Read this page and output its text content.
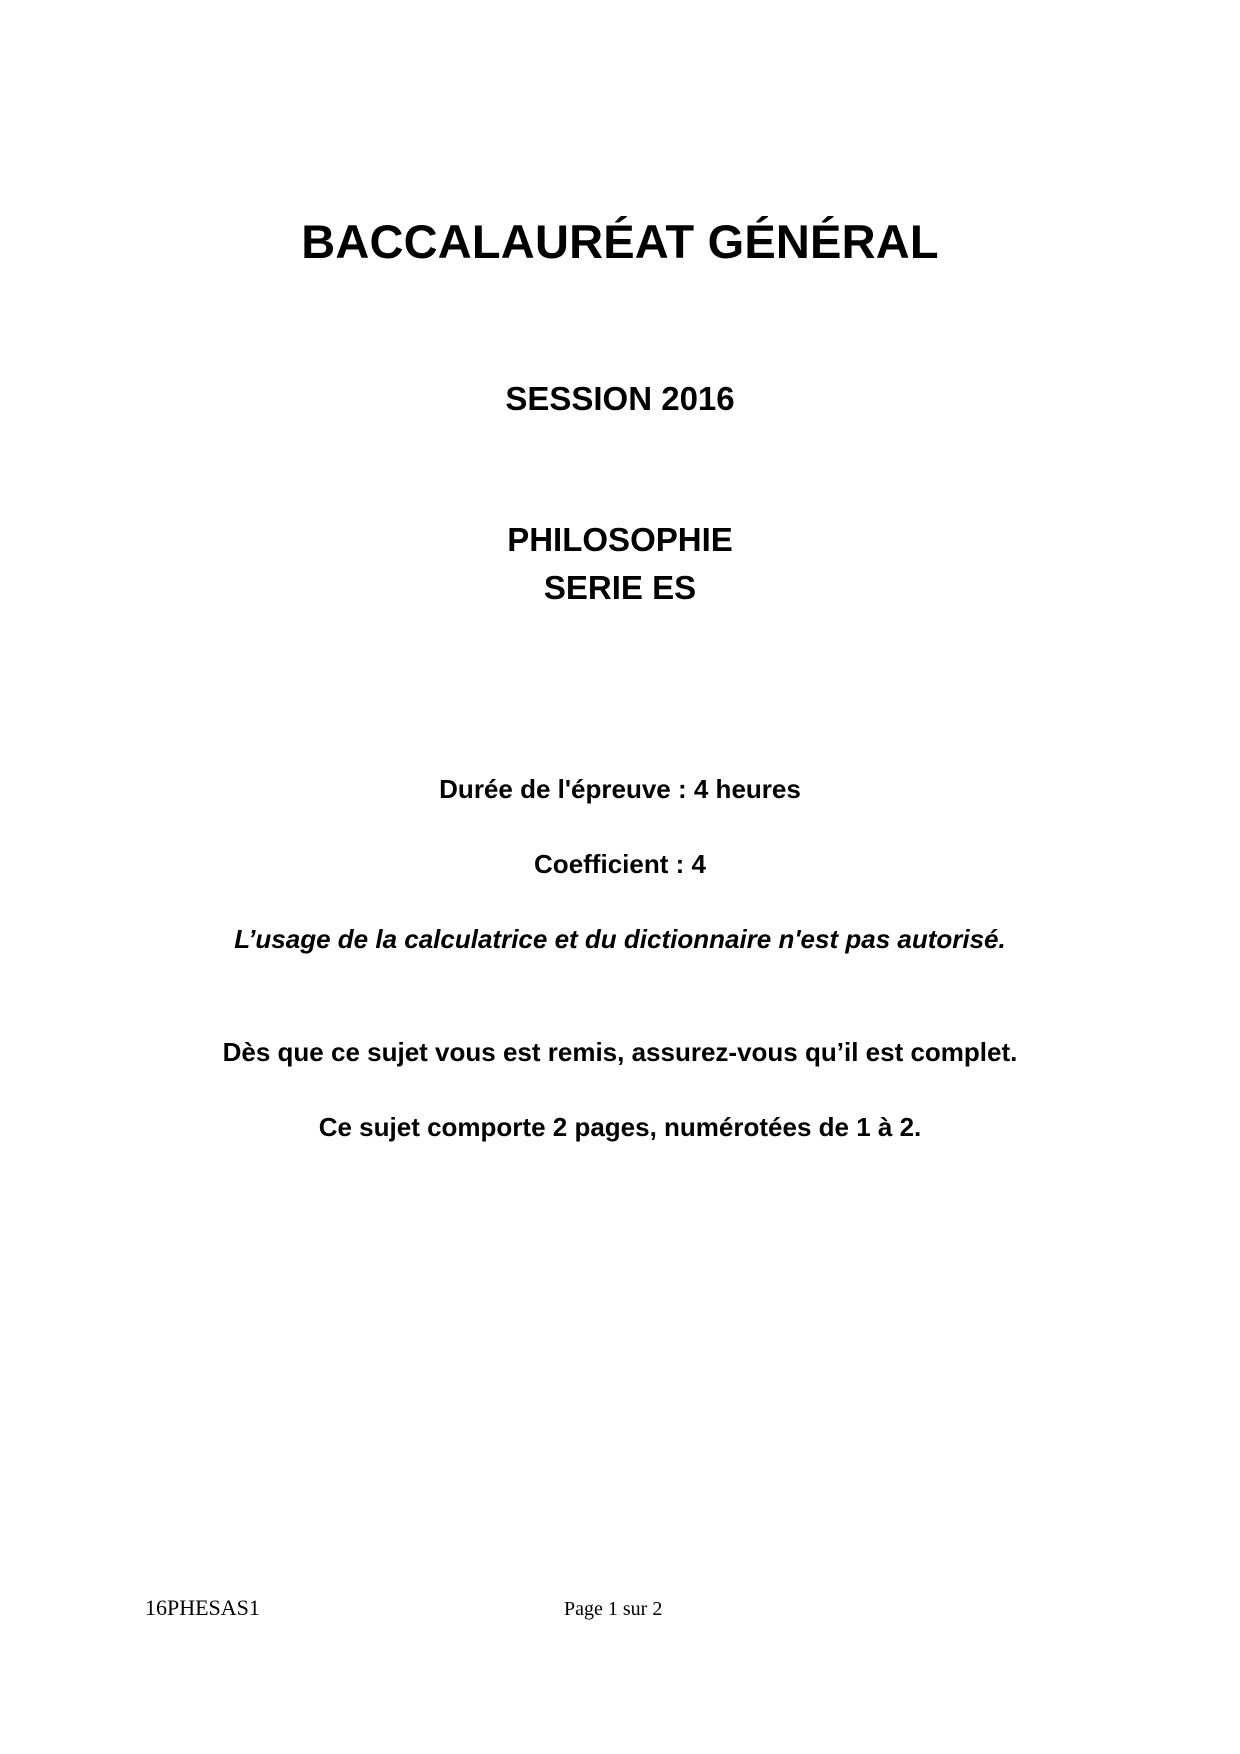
BACCALAURÉAT GÉNÉRAL
SESSION 2016
PHILOSOPHIE
SERIE ES
Durée de l'épreuve : 4 heures
Coefficient : 4
L’usage de la calculatrice et du dictionnaire n'est pas autorisé.
Dès que ce sujet vous est remis, assurez-vous qu’il est complet.
Ce sujet comporte 2 pages, numérotées de 1 à 2.
16PHESAS1	Page 1 sur 2
